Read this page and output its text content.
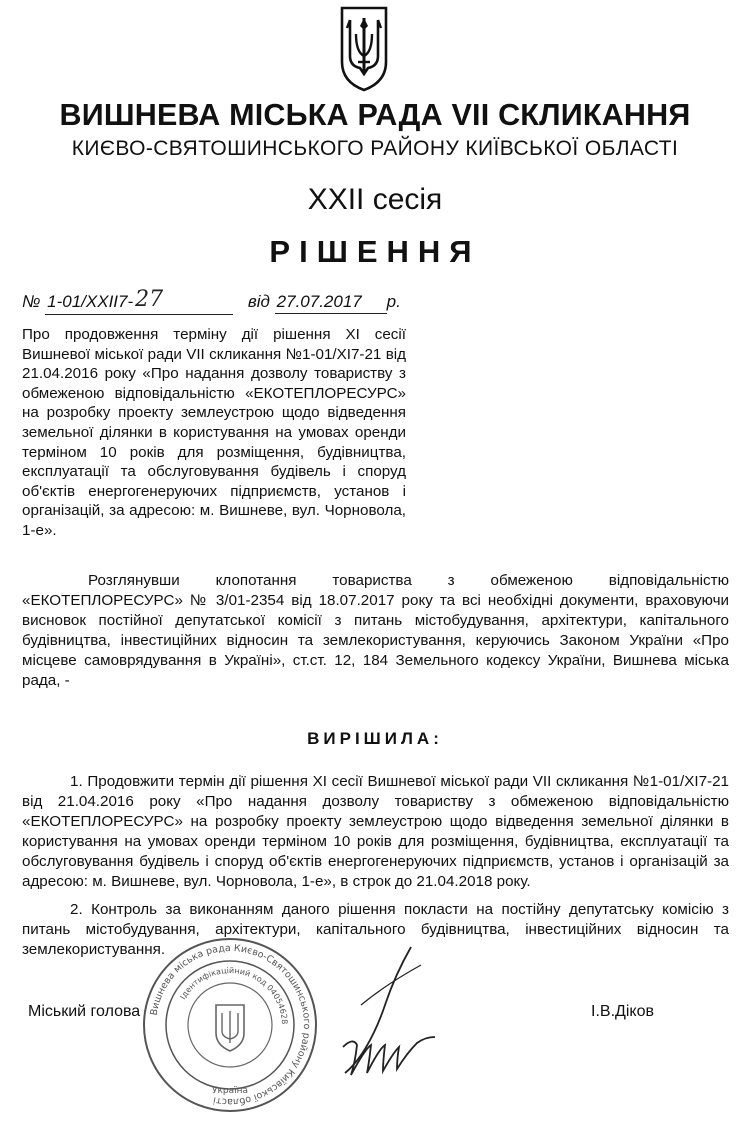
ВИШНЕВА МІСЬКА РАДА VII СКЛИКАННЯ
КИЄВО-СВЯТОШИНСЬКОГО РАЙОНУ КИЇВСЬКОЇ ОБЛАСТІ
XXII сесія
РІШЕННЯ
№ 1-01/XXII7-27	від 27.07.2017 р.
Про продовження терміну дії рішення XI сесії Вишневої міської ради VII скликання №1-01/XI7-21 від 21.04.2016 року «Про надання дозволу товариству з обмеженою відповідальністю «ЕКОТЕПЛОРЕСУРС» на розробку проекту землеустрою щодо відведення земельної ділянки в користування на умовах оренди терміном 10 років для розміщення, будівництва, експлуатації та обслуговування будівель і споруд об'єктів енергогенеруючих підприємств, установ і організацій, за адресою: м. Вишневе, вул. Чорновола, 1-е».
Розглянувши клопотання товариства з обмеженою відповідальністю «ЕКОТЕПЛОРЕСУРС» № 3/01-2354 від 18.07.2017 року та всі необхідні документи, враховуючи висновок постійної депутатської комісії з питань містобудування, архітектури, капітального будівництва, інвестиційних відносин та землекористування, керуючись Законом України «Про місцеве самоврядування в Україні», ст.ст. 12, 184 Земельного кодексу України, Вишнева міська рада, -
ВИРІШИЛА:
1. Продовжити термін дії рішення XI сесії Вишневої міської ради VII скликання №1-01/XI7-21 від 21.04.2016 року «Про надання дозволу товариству з обмеженою відповідальністю «ЕКОТЕПЛОРЕСУРС» на розробку проекту землеустрою щодо відведення земельної ділянки в користування на умовах оренди терміном 10 років для розміщення, будівництва, експлуатації та обслуговування будівель і споруд об'єктів енергогенеруючих підприємств, установ і організацій за адресою: м. Вишневе, вул. Чорновола, 1-е», в строк до 21.04.2018 року.
2. Контроль за виконанням даного рішення покласти на постійну депутатську комісію з питань містобудування, архітектури, капітального будівництва, інвестиційних відносин та землекористування.
Вишнева міська рада Києво-Святошинського району Київської області
Ідентифікаційний код 04054628
Україна
Міський голова	І.В.Діков
